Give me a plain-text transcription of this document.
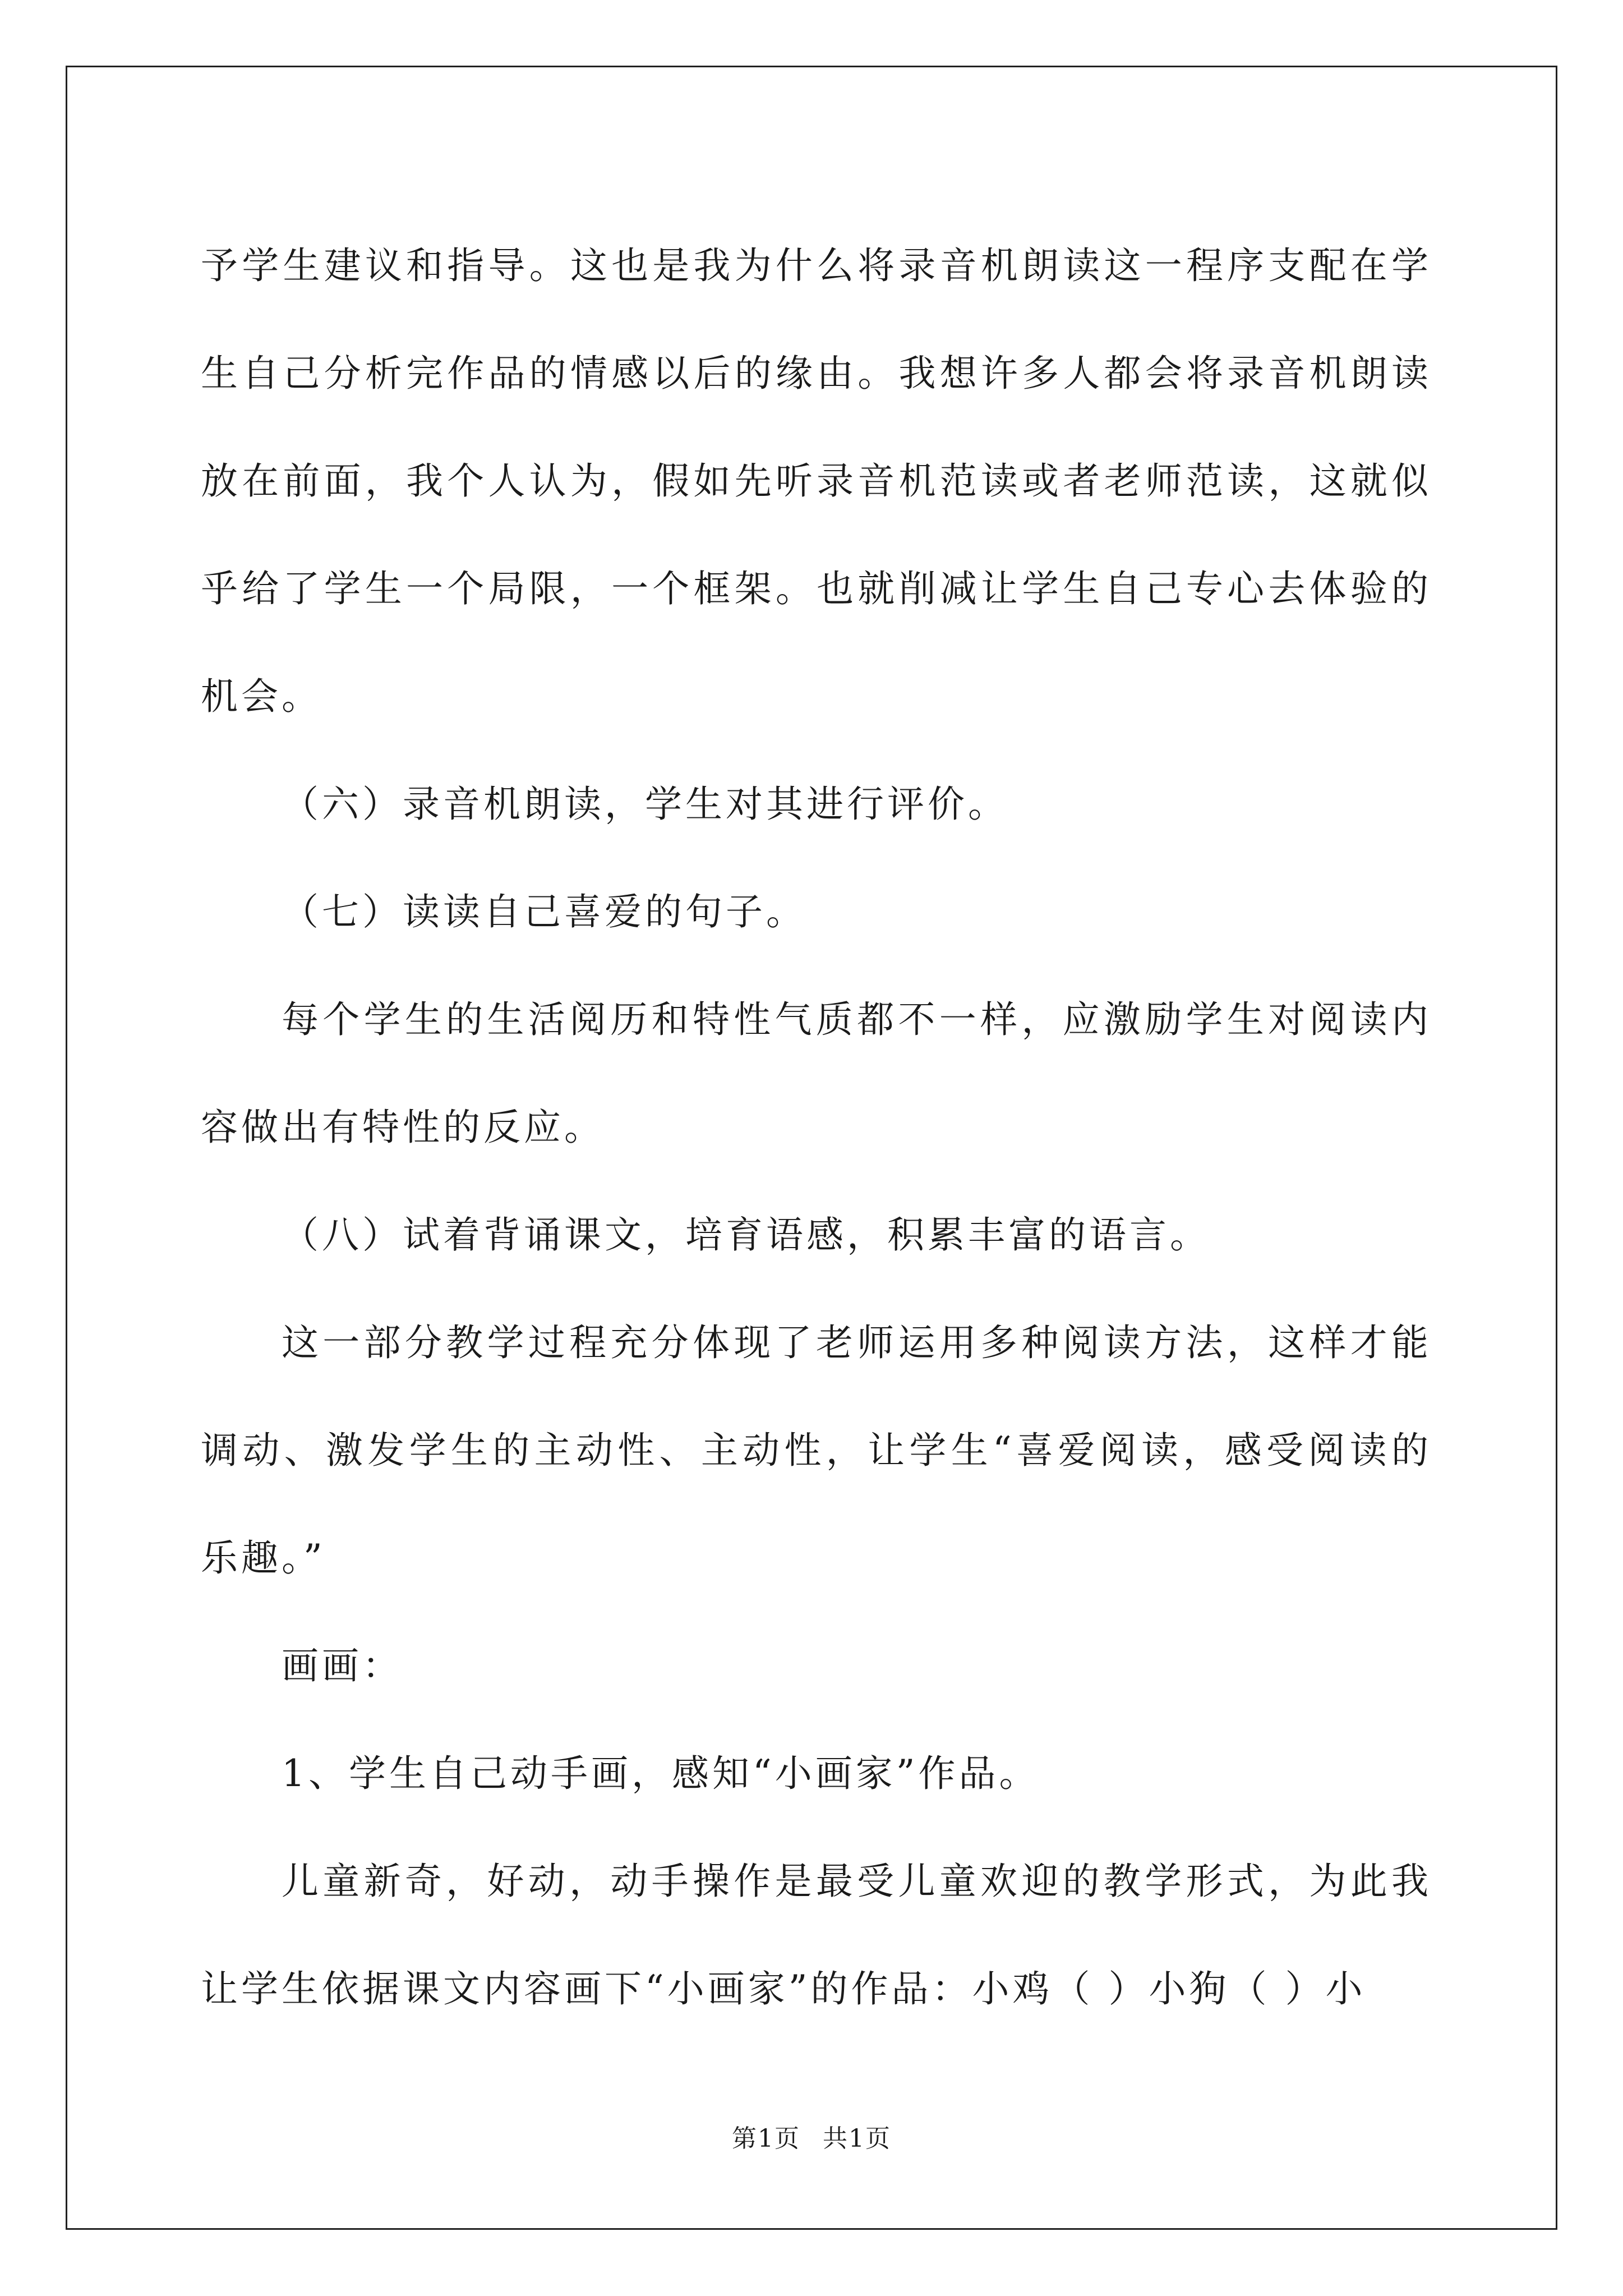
予学生建议和指导。这也是我为什么将录音机朗读这一程序支配在学生自己分析完作品的情感以后的缘由。我想许多人都会将录音机朗读放在前面，我个人认为，假如先听录音机范读或者老师范读，这就似乎给了学生一个局限，一个框架。也就削减让学生自己专心去体验的机会。

（六）录音机朗读，学生对其进行评价。

（七）读读自己喜爱的句子。

每个学生的生活阅历和特性气质都不一样，应激励学生对阅读内容做出有特性的反应。

（八）试着背诵课文，培育语感，积累丰富的语言。

这一部分教学过程充分体现了老师运用多种阅读方法，这样才能调动、激发学生的主动性、主动性，让学生“喜爱阅读，感受阅读的乐趣。”

画画：

1、学生自己动手画，感知“小画家”作品。

儿童新奇，好动，动手操作是最受儿童欢迎的教学形式，为此我让学生依据课文内容画下“小画家”的作品：小鸡（ ）小狗（ ）小

第1页 共1页
